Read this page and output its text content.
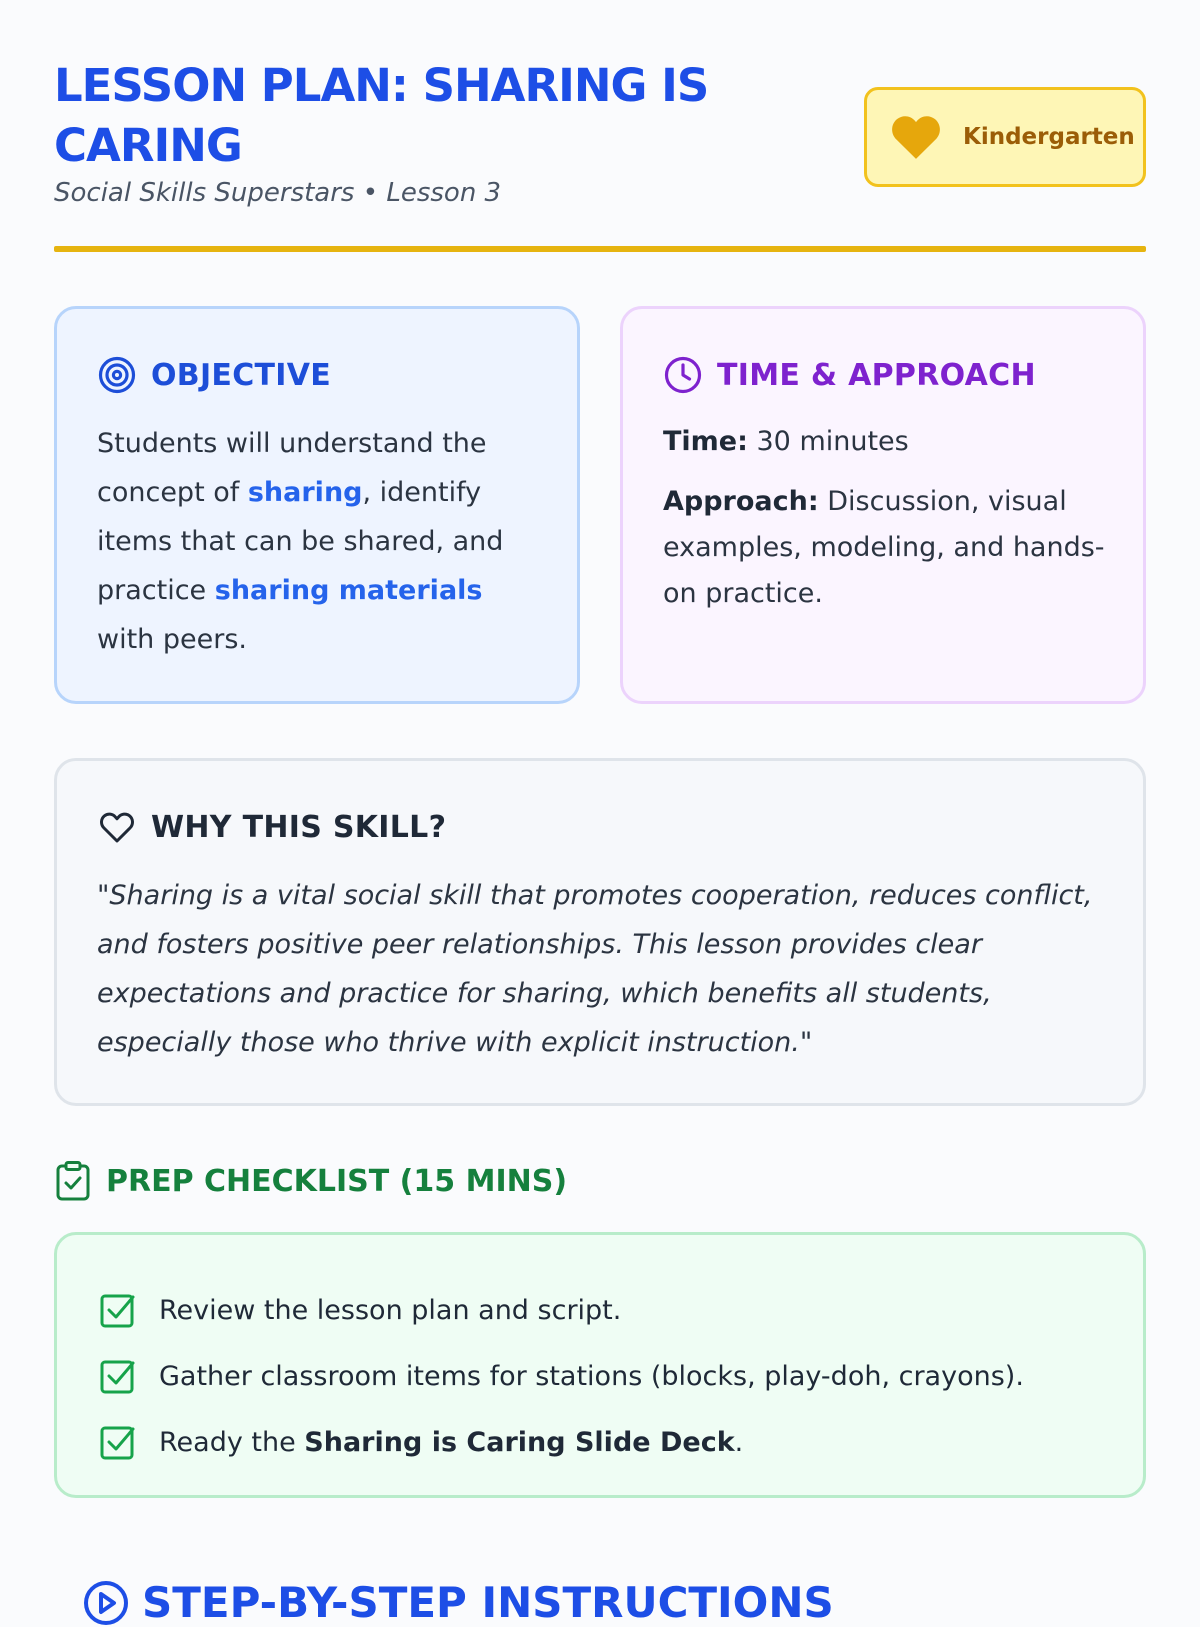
LESSON PLAN: SHARING IS CARING
Social Skills Superstars • Lesson 3
Kindergarten
OBJECTIVE

Students will understand the concept of sharing, identify items that can be shared, and practice sharing materials with peers.

TIME & APPROACH

Time: 30 minutes

Approach: Discussion, visual examples, modeling, and hands-on practice.

WHY THIS SKILL?

"Sharing is a vital social skill that promotes cooperation, reduces conflict, and fosters positive peer relationships. This lesson provides clear expectations and practice for sharing, which benefits all students, especially those who thrive with explicit instruction."

PREP CHECKLIST (15 MINS)
Review the lesson plan and script.
Gather classroom items for stations (blocks, play-doh, crayons).
Ready the Sharing is Caring Slide Deck.
STEP-BY-STEP INSTRUCTIONS
